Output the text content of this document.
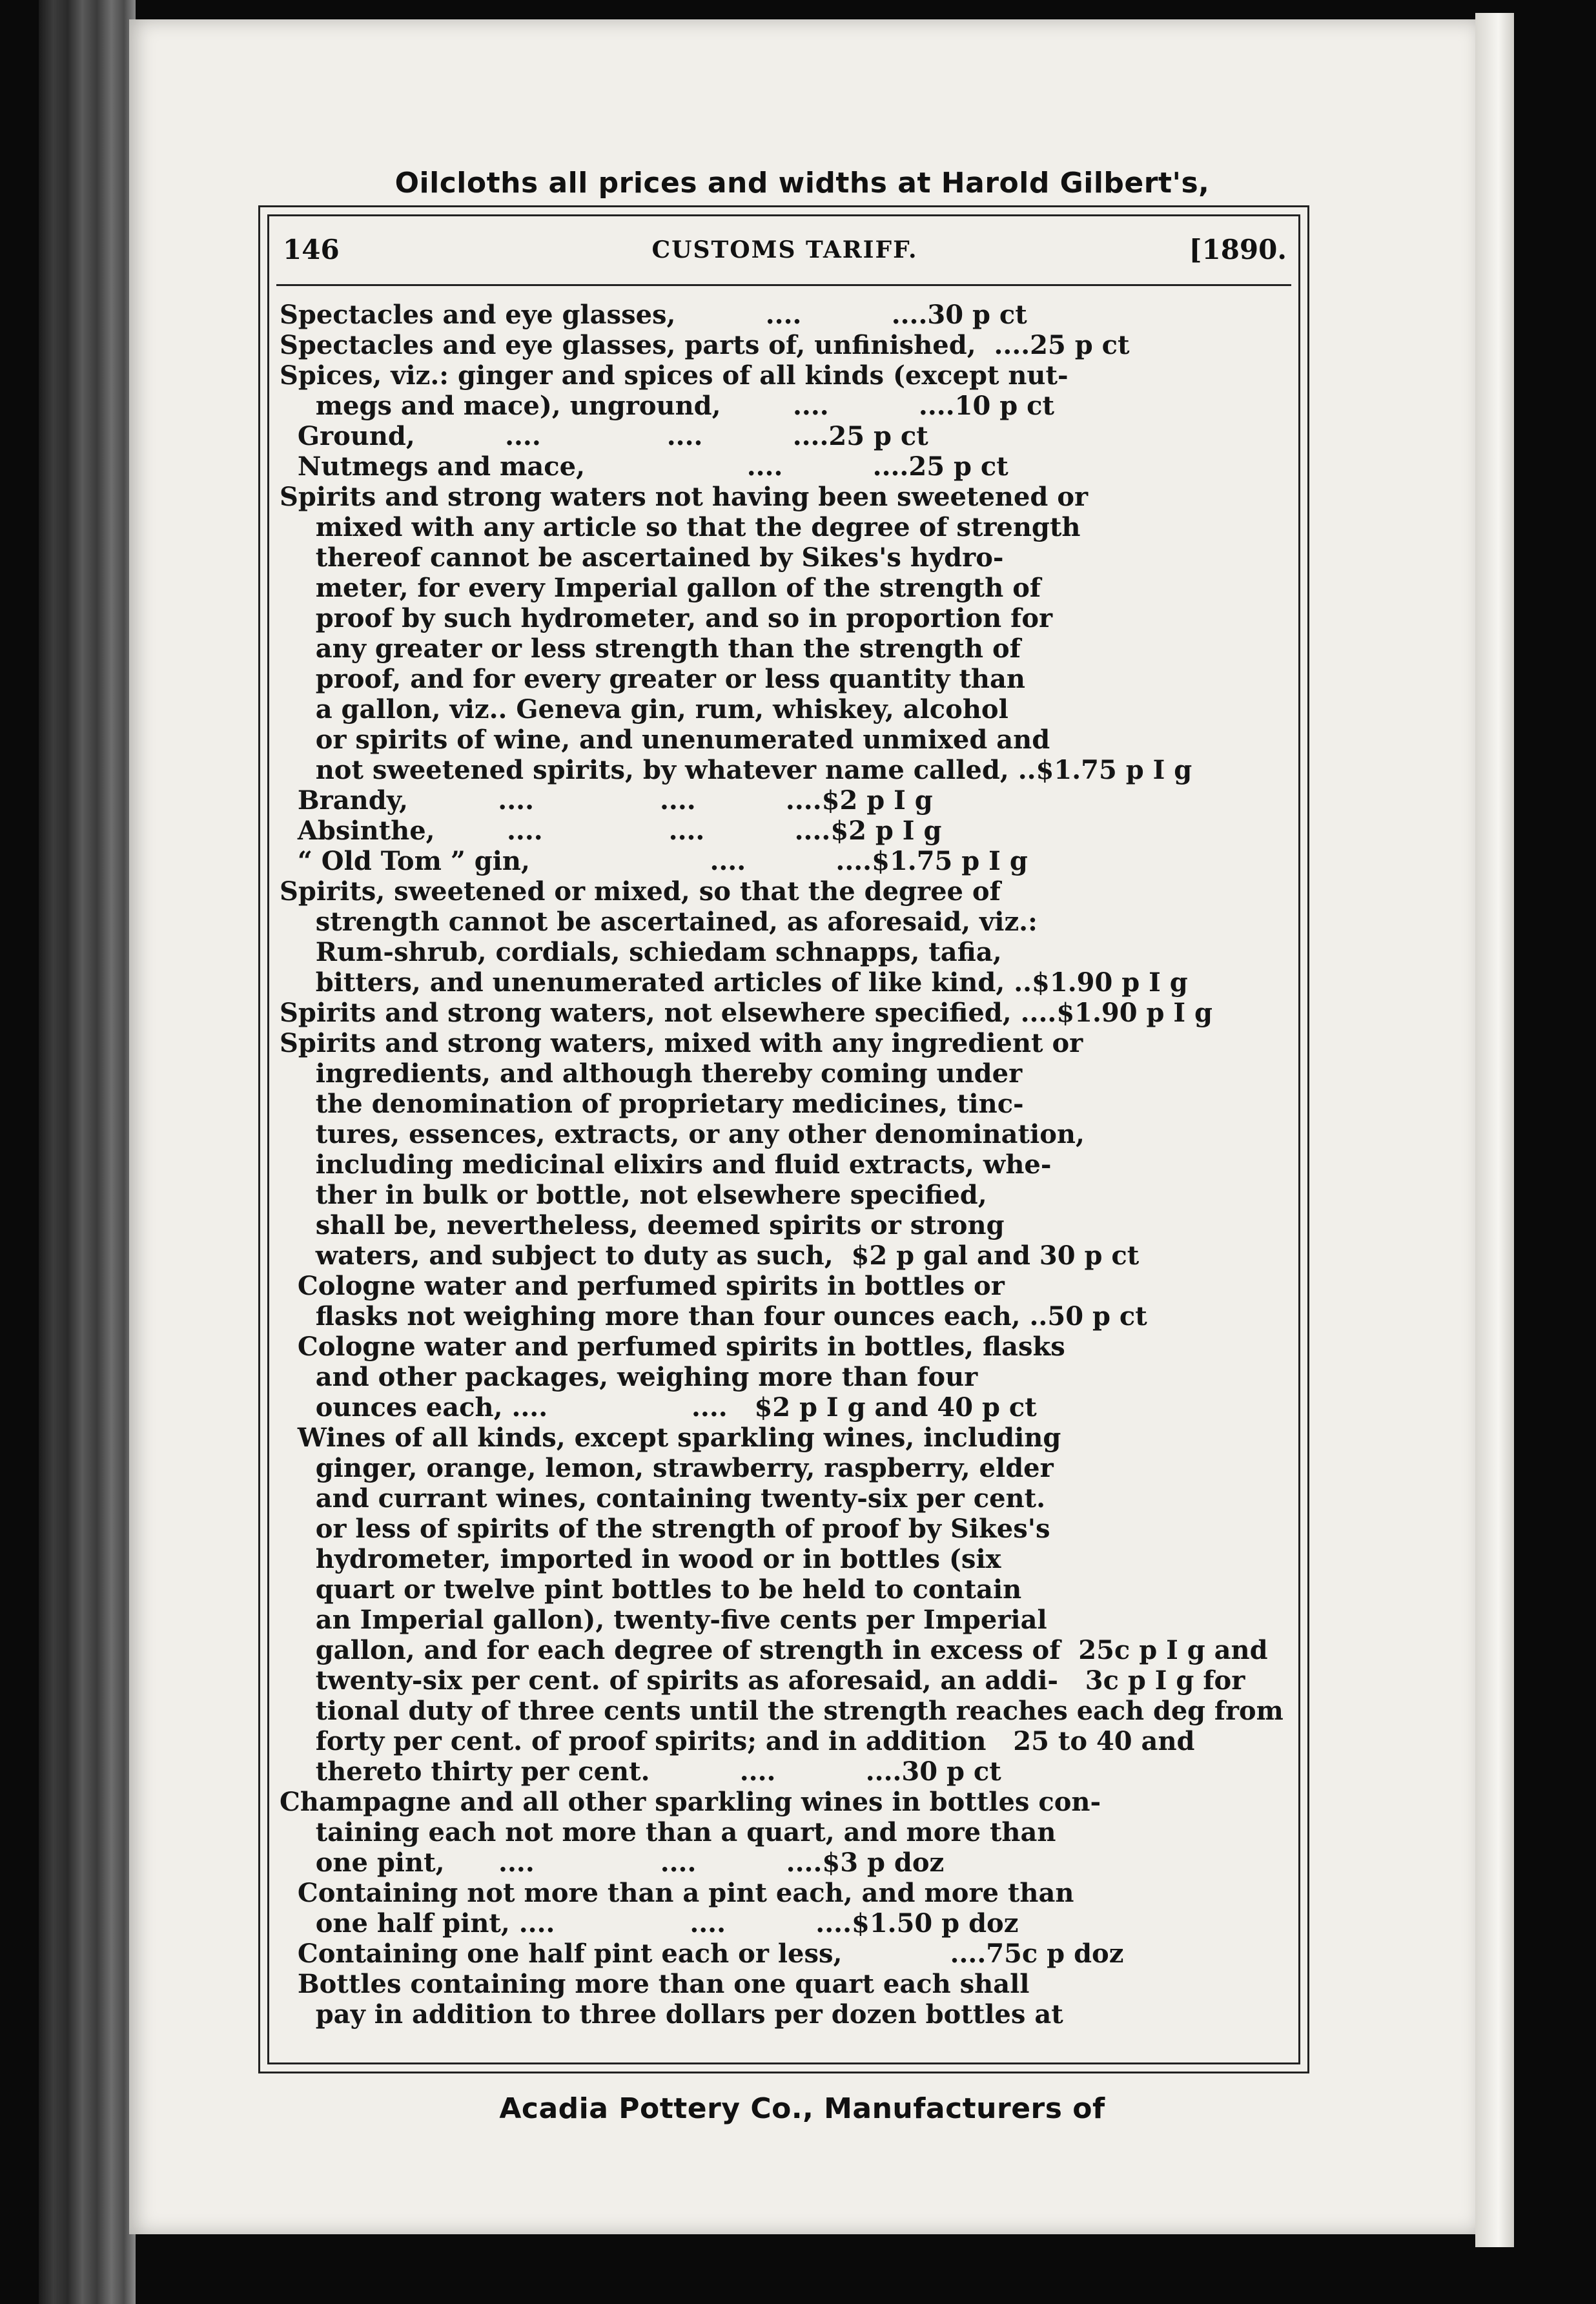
Oilcloths all prices and widths at Harold Gilbert's,
146	CUSTOMS TARIFF.	[1890.
Spectacles and eye glasses,          ....          ....30 p ct
Spectacles and eye glasses, parts of, unfinished,  ....25 p ct
Spices, viz.: ginger and spices of all kinds (except nut-
megs and mace), unground,        ....          ....10 p ct
Ground,          ....              ....          ....25 p ct
Nutmegs and mace,                  ....          ....25 p ct
Spirits and strong waters not having been sweetened or
mixed with any article so that the degree of strength
thereof cannot be ascertained by Sikes's hydro-
meter, for every Imperial gallon of the strength of
proof by such hydrometer, and so in proportion for
any greater or less strength than the strength of
proof, and for every greater or less quantity than
a gallon, viz.. Geneva gin, rum, whiskey, alcohol
or spirits of wine, and unenumerated unmixed and
not sweetened spirits, by whatever name called, ..$1.75 p I g
Brandy,          ....              ....          ....$2 p I g
Absinthe,        ....              ....          ....$2 p I g
“ Old Tom ” gin,                    ....          ....$1.75 p I g
Spirits, sweetened or mixed, so that the degree of
strength cannot be ascertained, as aforesaid, viz.:
Rum-shrub, cordials, schiedam schnapps, tafia,
bitters, and unenumerated articles of like kind, ..$1.90 p I g
Spirits and strong waters, not elsewhere specified, ....$1.90 p I g
Spirits and strong waters, mixed with any ingredient or
ingredients, and although thereby coming under
the denomination of proprietary medicines, tinc-
tures, essences, extracts, or any other denomination,
including medicinal elixirs and fluid extracts, whe-
ther in bulk or bottle, not elsewhere specified,
shall be, nevertheless, deemed spirits or strong
waters, and subject to duty as such,  $2 p gal and 30 p ct
Cologne water and perfumed spirits in bottles or
flasks not weighing more than four ounces each, ..50 p ct
Cologne water and perfumed spirits in bottles, flasks
and other packages, weighing more than four
ounces each, ....                ....   $2 p I g and 40 p ct
Wines of all kinds, except sparkling wines, including
ginger, orange, lemon, strawberry, raspberry, elder
and currant wines, containing twenty-six per cent.
or less of spirits of the strength of proof by Sikes's
hydrometer, imported in wood or in bottles (six
quart or twelve pint bottles to be held to contain
an Imperial gallon), twenty-five cents per Imperial
gallon, and for each degree of strength in excess of  25c p I g and
twenty-six per cent. of spirits as aforesaid, an addi-   3c p I g for
tional duty of three cents until the strength reaches each deg from
forty per cent. of proof spirits; and in addition   25 to 40 and
thereto thirty per cent.          ....          ....30 p ct
Champagne and all other sparkling wines in bottles con-
taining each not more than a quart, and more than
one pint,      ....              ....          ....$3 p doz
Containing not more than a pint each, and more than
one half pint, ....               ....          ....$1.50 p doz
Containing one half pint each or less,            ....75c p doz
Bottles containing more than one quart each shall
pay in addition to three dollars per dozen bottles at
Acadia Pottery Co., Manufacturers of
